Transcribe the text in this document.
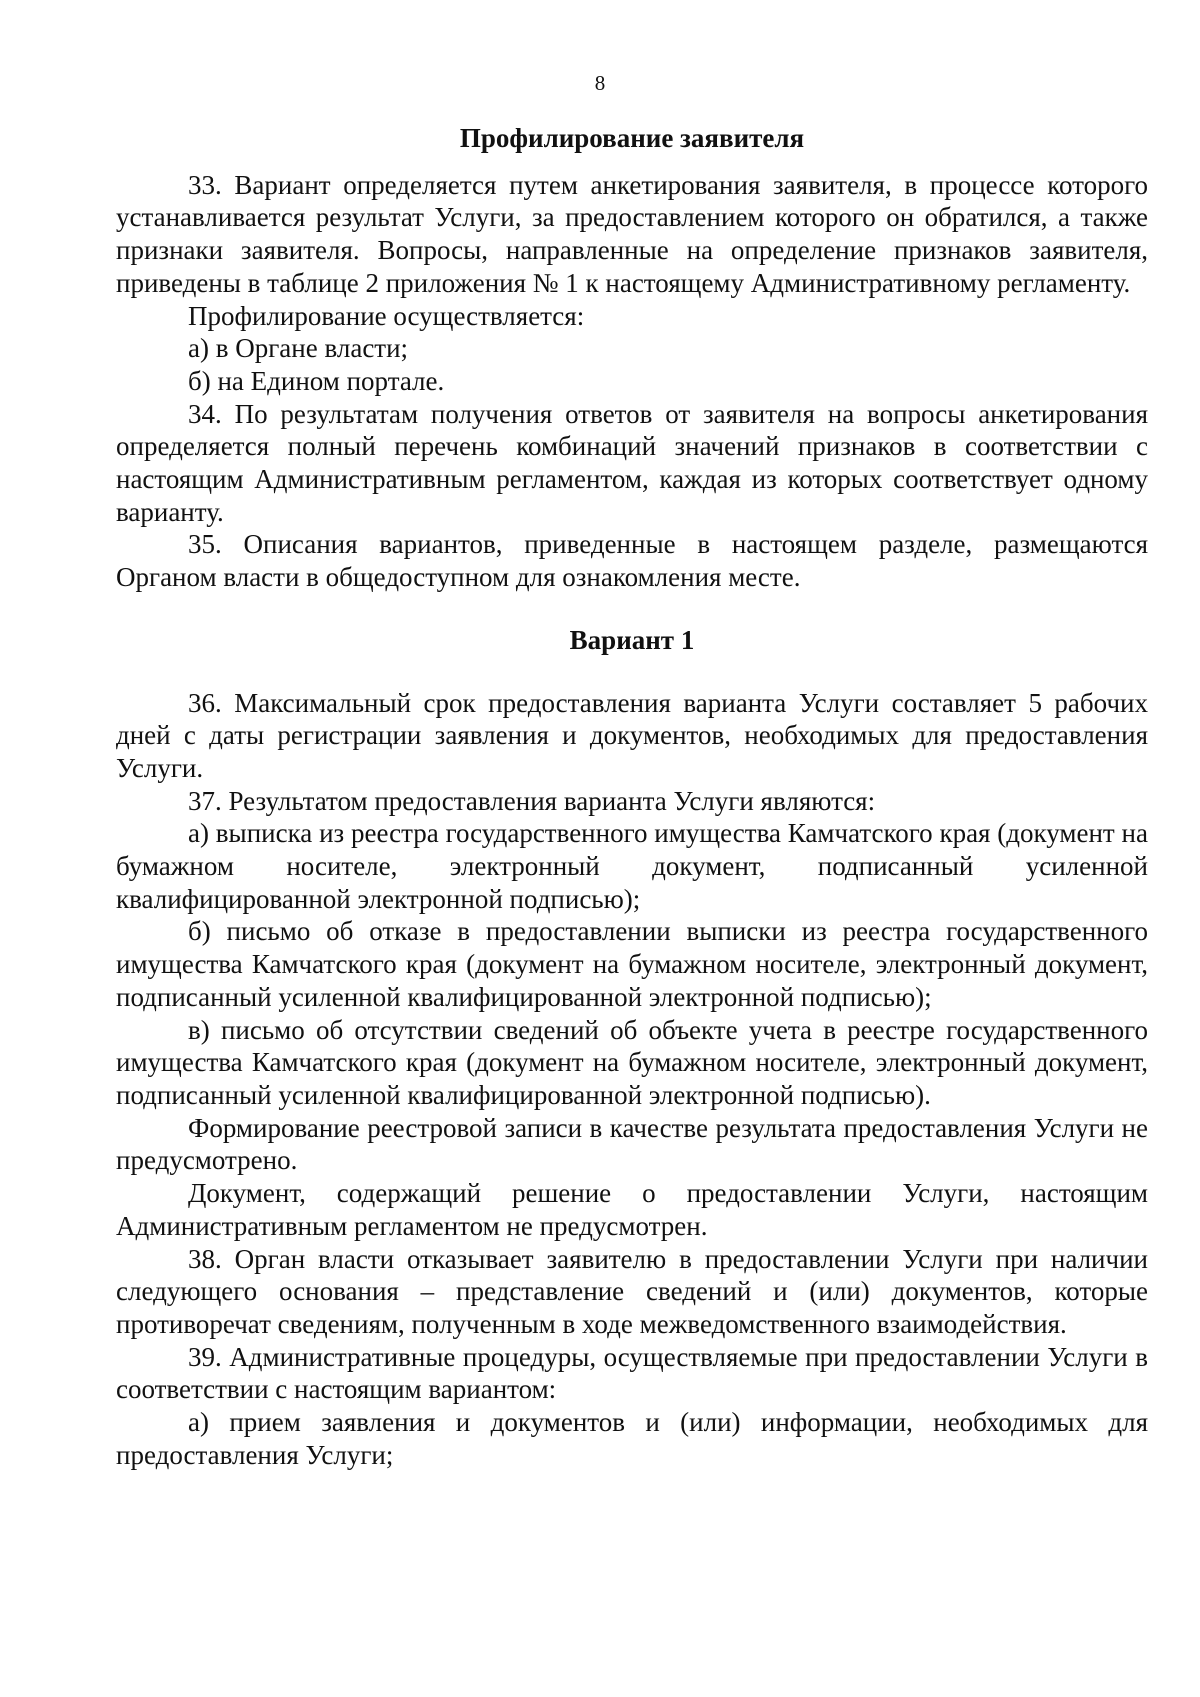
8
Профилирование заявителя

33. Вариант определяется путем анкетирования заявителя, в процессе которого устанавливается результат Услуги, за предоставлением которого он обратился, а также признаки заявителя. Вопросы, направленные на определение признаков заявителя, приведены в таблице 2 приложения № 1 к настоящему Административному регламенту.

Профилирование осуществляется:

а) в Органе власти;

б) на Едином портале.

34. По результатам получения ответов от заявителя на вопросы анкетирования определяется полный перечень комбинаций значений признаков в соответствии с настоящим Административным регламентом, каждая из которых соответствует одному варианту.

35. Описания вариантов, приведенные в настоящем разделе, размещаются Органом власти в общедоступном для ознакомления месте.

Вариант 1

36. Максимальный срок предоставления варианта Услуги составляет 5 рабочих дней с даты регистрации заявления и документов, необходимых для предоставления Услуги.

37. Результатом предоставления варианта Услуги являются:

а) выписка из реестра государственного имущества Камчатского края (документ на бумажном носителе, электронный документ, подписанный усиленной квалифицированной электронной подписью);

б) письмо об отказе в предоставлении выписки из реестра государственного имущества Камчатского края (документ на бумажном носителе, электронный документ, подписанный усиленной квалифицированной электронной подписью);

в) письмо об отсутствии сведений об объекте учета в реестре государственного имущества Камчатского края (документ на бумажном носителе, электронный документ, подписанный усиленной квалифицированной электронной подписью).

Формирование реестровой записи в качестве результата предоставления Услуги не предусмотрено.

Документ, содержащий решение о предоставлении Услуги, настоящим Административным регламентом не предусмотрен.

38. Орган власти отказывает заявителю в предоставлении Услуги при наличии следующего основания – представление сведений и (или) документов, которые противоречат сведениям, полученным в ходе межведомственного взаимодействия.

39. Административные процедуры, осуществляемые при предоставлении Услуги в соответствии с настоящим вариантом:

а) прием заявления и документов и (или) информации, необходимых для предоставления Услуги;
